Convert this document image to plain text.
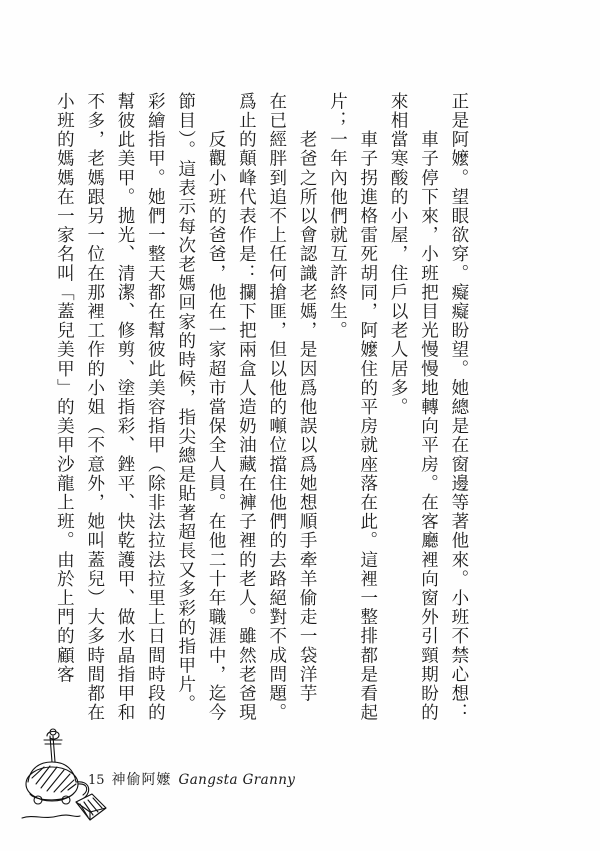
小班的媽媽在一家名叫「蓋兒美甲」的美甲沙龍上班。由於上門的顧客 不多，老媽跟另一位在那裡工作的小姐（不意外，她叫蓋兒）大多時間都在 幫彼此美甲。拋光、清潔、修剪、塗指彩、銼平、快乾護甲、做水晶指甲和 彩繪指甲。她們一整天都在幫彼此美容指甲（除非法拉法拉里上日間時段的 節目）。這表示每次老媽回家的時候，指尖總是貼著超長又多彩的指甲片。 　　反觀小班的爸爸，他在一家超市當保全人員。在他二十年職涯中，迄今 爲止的顛峰代表作是：攔下把兩盒人造奶油藏在褲子裡的老人。雖然老爸現 在已經胖到追不上任何搶匪，但以他的噸位擋住他們的去路絕對不成問題。 　　老爸之所以會認識老媽，是因爲他誤以爲她想順手牽羊偷走一袋洋芋 片；一年內他們就互許終生。 　　車子拐進格雷死胡同，阿嬤住的平房就座落在此。這裡一整排都是看起 來相當寒酸的小屋，住戶以老人居多。 　　車子停下來，小班把目光慢慢地轉向平房。在客廳裡向窗外引頸期盼的 正是阿嬤。望眼欲穿。癡癡盼望。她總是在窗邊等著他來。小班不禁心想：
15 神偷阿嬤 Gangsta Granny
